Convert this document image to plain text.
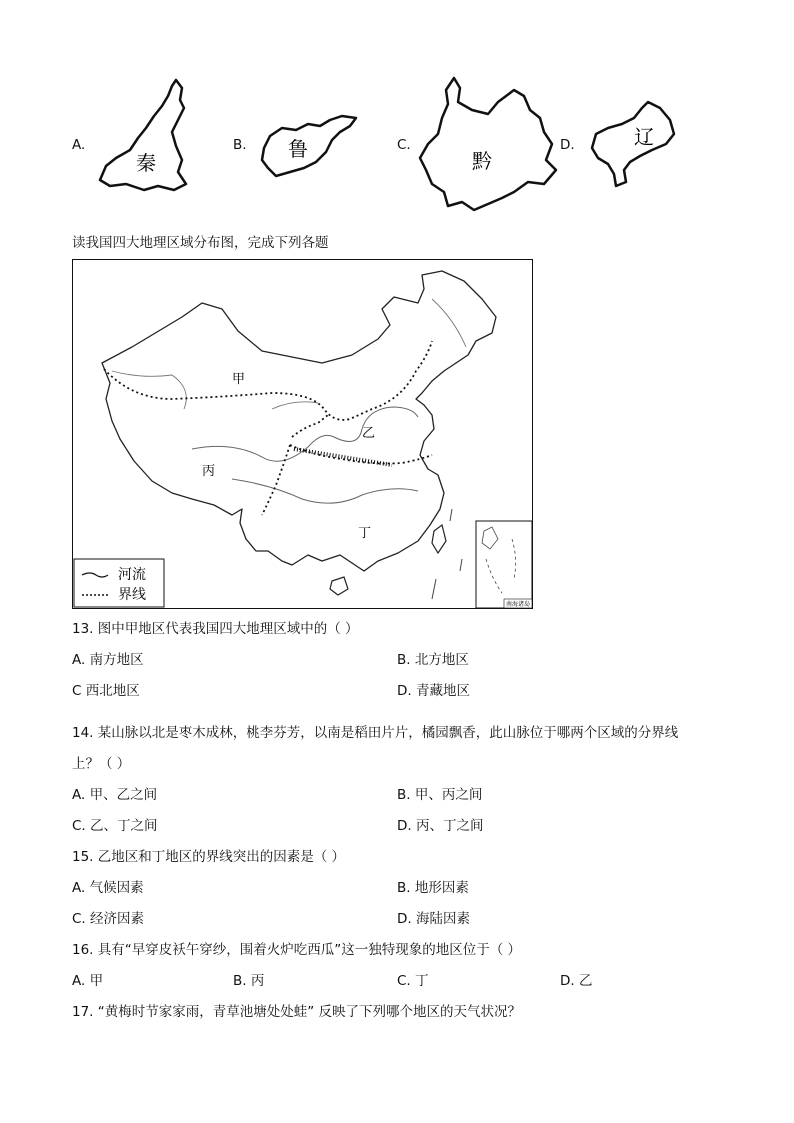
A.
秦
B. 鲁	C.
黔
D.	辽
读我国四大地理区域分布图，完成下列各题
甲
乙
丙
丁
河流
界线
南海诸岛
13. 图中甲地区代表我国四大地理区域中的（ ）
A. 南方地区	B. 北方地区
C 西北地区	D. 青藏地区
14. 某山脉以北是枣木成林，桃李芬芳，以南是稻田片片，橘园飘香，此山脉位于哪两个区域的分界线
上？（ ）
A. 甲、乙之间	B. 甲、丙之间
C. 乙、丁之间	D. 丙、丁之间
15. 乙地区和丁地区的界线突出的因素是（ ）
A. 气候因素	B. 地形因素
C. 经济因素	D. 海陆因素
16. 具有“早穿皮袄午穿纱，围着火炉吃西瓜”这一独特现象的地区位于（ ）
A. 甲	B. 丙	C. 丁	D. 乙
17. “黄梅时节家家雨，青草池塘处处蛙” 反映了下列哪个地区的天气状况？
